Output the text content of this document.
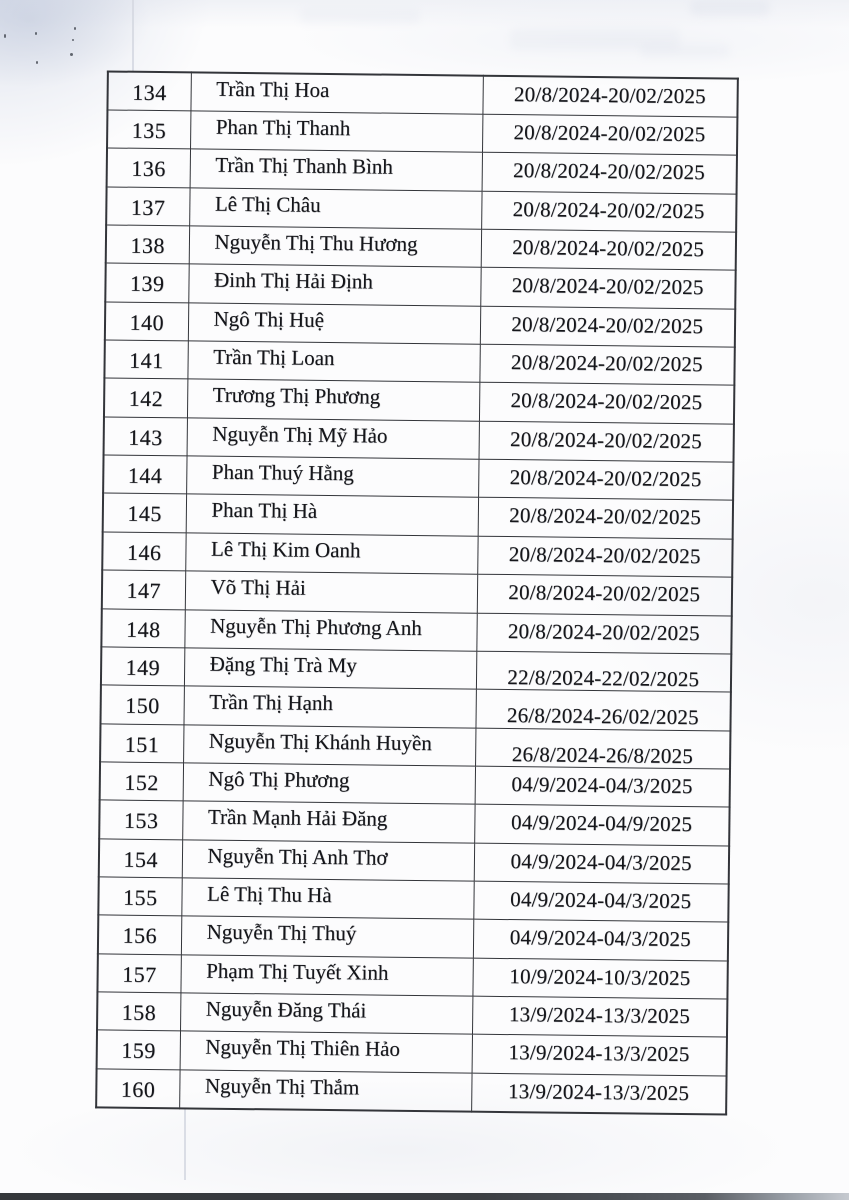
134	Trần Thị Hoa	20/8/2024-20/02/2025
135	Phan Thị Thanh	20/8/2024-20/02/2025
136	Trần Thị Thanh Bình	20/8/2024-20/02/2025
137	Lê Thị Châu	20/8/2024-20/02/2025
138	Nguyễn Thị Thu Hương	20/8/2024-20/02/2025
139	Đinh Thị Hải Định	20/8/2024-20/02/2025
140	Ngô Thị Huệ	20/8/2024-20/02/2025
141	Trần Thị Loan	20/8/2024-20/02/2025
142	Trương Thị Phương	20/8/2024-20/02/2025
143	Nguyễn Thị Mỹ Hảo	20/8/2024-20/02/2025
144	Phan Thuý Hằng	20/8/2024-20/02/2025
145	Phan Thị Hà	20/8/2024-20/02/2025
146	Lê Thị Kim Oanh	20/8/2024-20/02/2025
147	Võ Thị Hải	20/8/2024-20/02/2025
148	Nguyễn Thị Phương Anh	20/8/2024-20/02/2025
149	Đặng Thị Trà My	22/8/2024-22/02/2025
150	Trần Thị Hạnh	26/8/2024-26/02/2025
151	Nguyễn Thị Khánh Huyền	26/8/2024-26/8/2025
152	Ngô Thị Phương	04/9/2024-04/3/2025
153	Trần Mạnh Hải Đăng	04/9/2024-04/9/2025
154	Nguyễn Thị Anh Thơ	04/9/2024-04/3/2025
155	Lê Thị Thu Hà	04/9/2024-04/3/2025
156	Nguyễn Thị Thuý	04/9/2024-04/3/2025
157	Phạm Thị Tuyết Xinh	10/9/2024-10/3/2025
158	Nguyễn Đăng Thái	13/9/2024-13/3/2025
159	Nguyễn Thị Thiên Hảo	13/9/2024-13/3/2025
160	Nguyễn Thị Thắm	13/9/2024-13/3/2025
